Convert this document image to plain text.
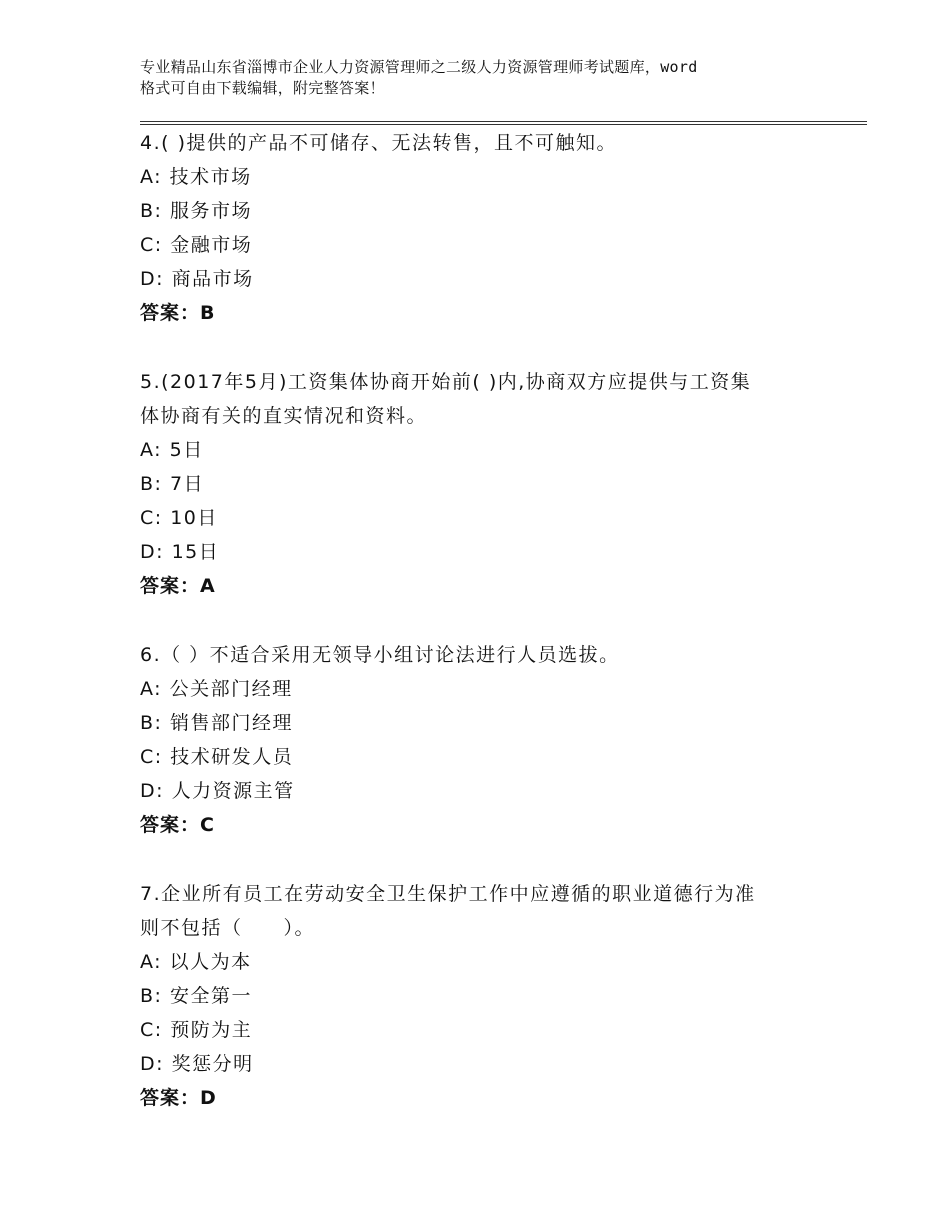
专业精品山东省淄博市企业人力资源管理师之二级人力资源管理师考试题库，word
格式可自由下载编辑，附完整答案！
4.( )提供的产品不可储存、无法转售，且不可触知。
A: 技术市场
B: 服务市场
C: 金融市场
D: 商品市场
答案：B
5.(2017年5月)工资集体协商开始前( )内,协商双方应提供与工资集
体协商有关的直实情况和资料。
A: 5日
B: 7日
C: 10日
D: 15日
答案：A
6.（ ）不适合采用无领导小组讨论法进行人员选拔。
A: 公关部门经理
B: 销售部门经理
C: 技术研发人员
D: 人力资源主管
答案：C
7.企业所有员工在劳动安全卫生保护工作中应遵循的职业道德行为准
则不包括（　　）。
A: 以人为本
B: 安全第一
C: 预防为主
D: 奖惩分明
答案：D
